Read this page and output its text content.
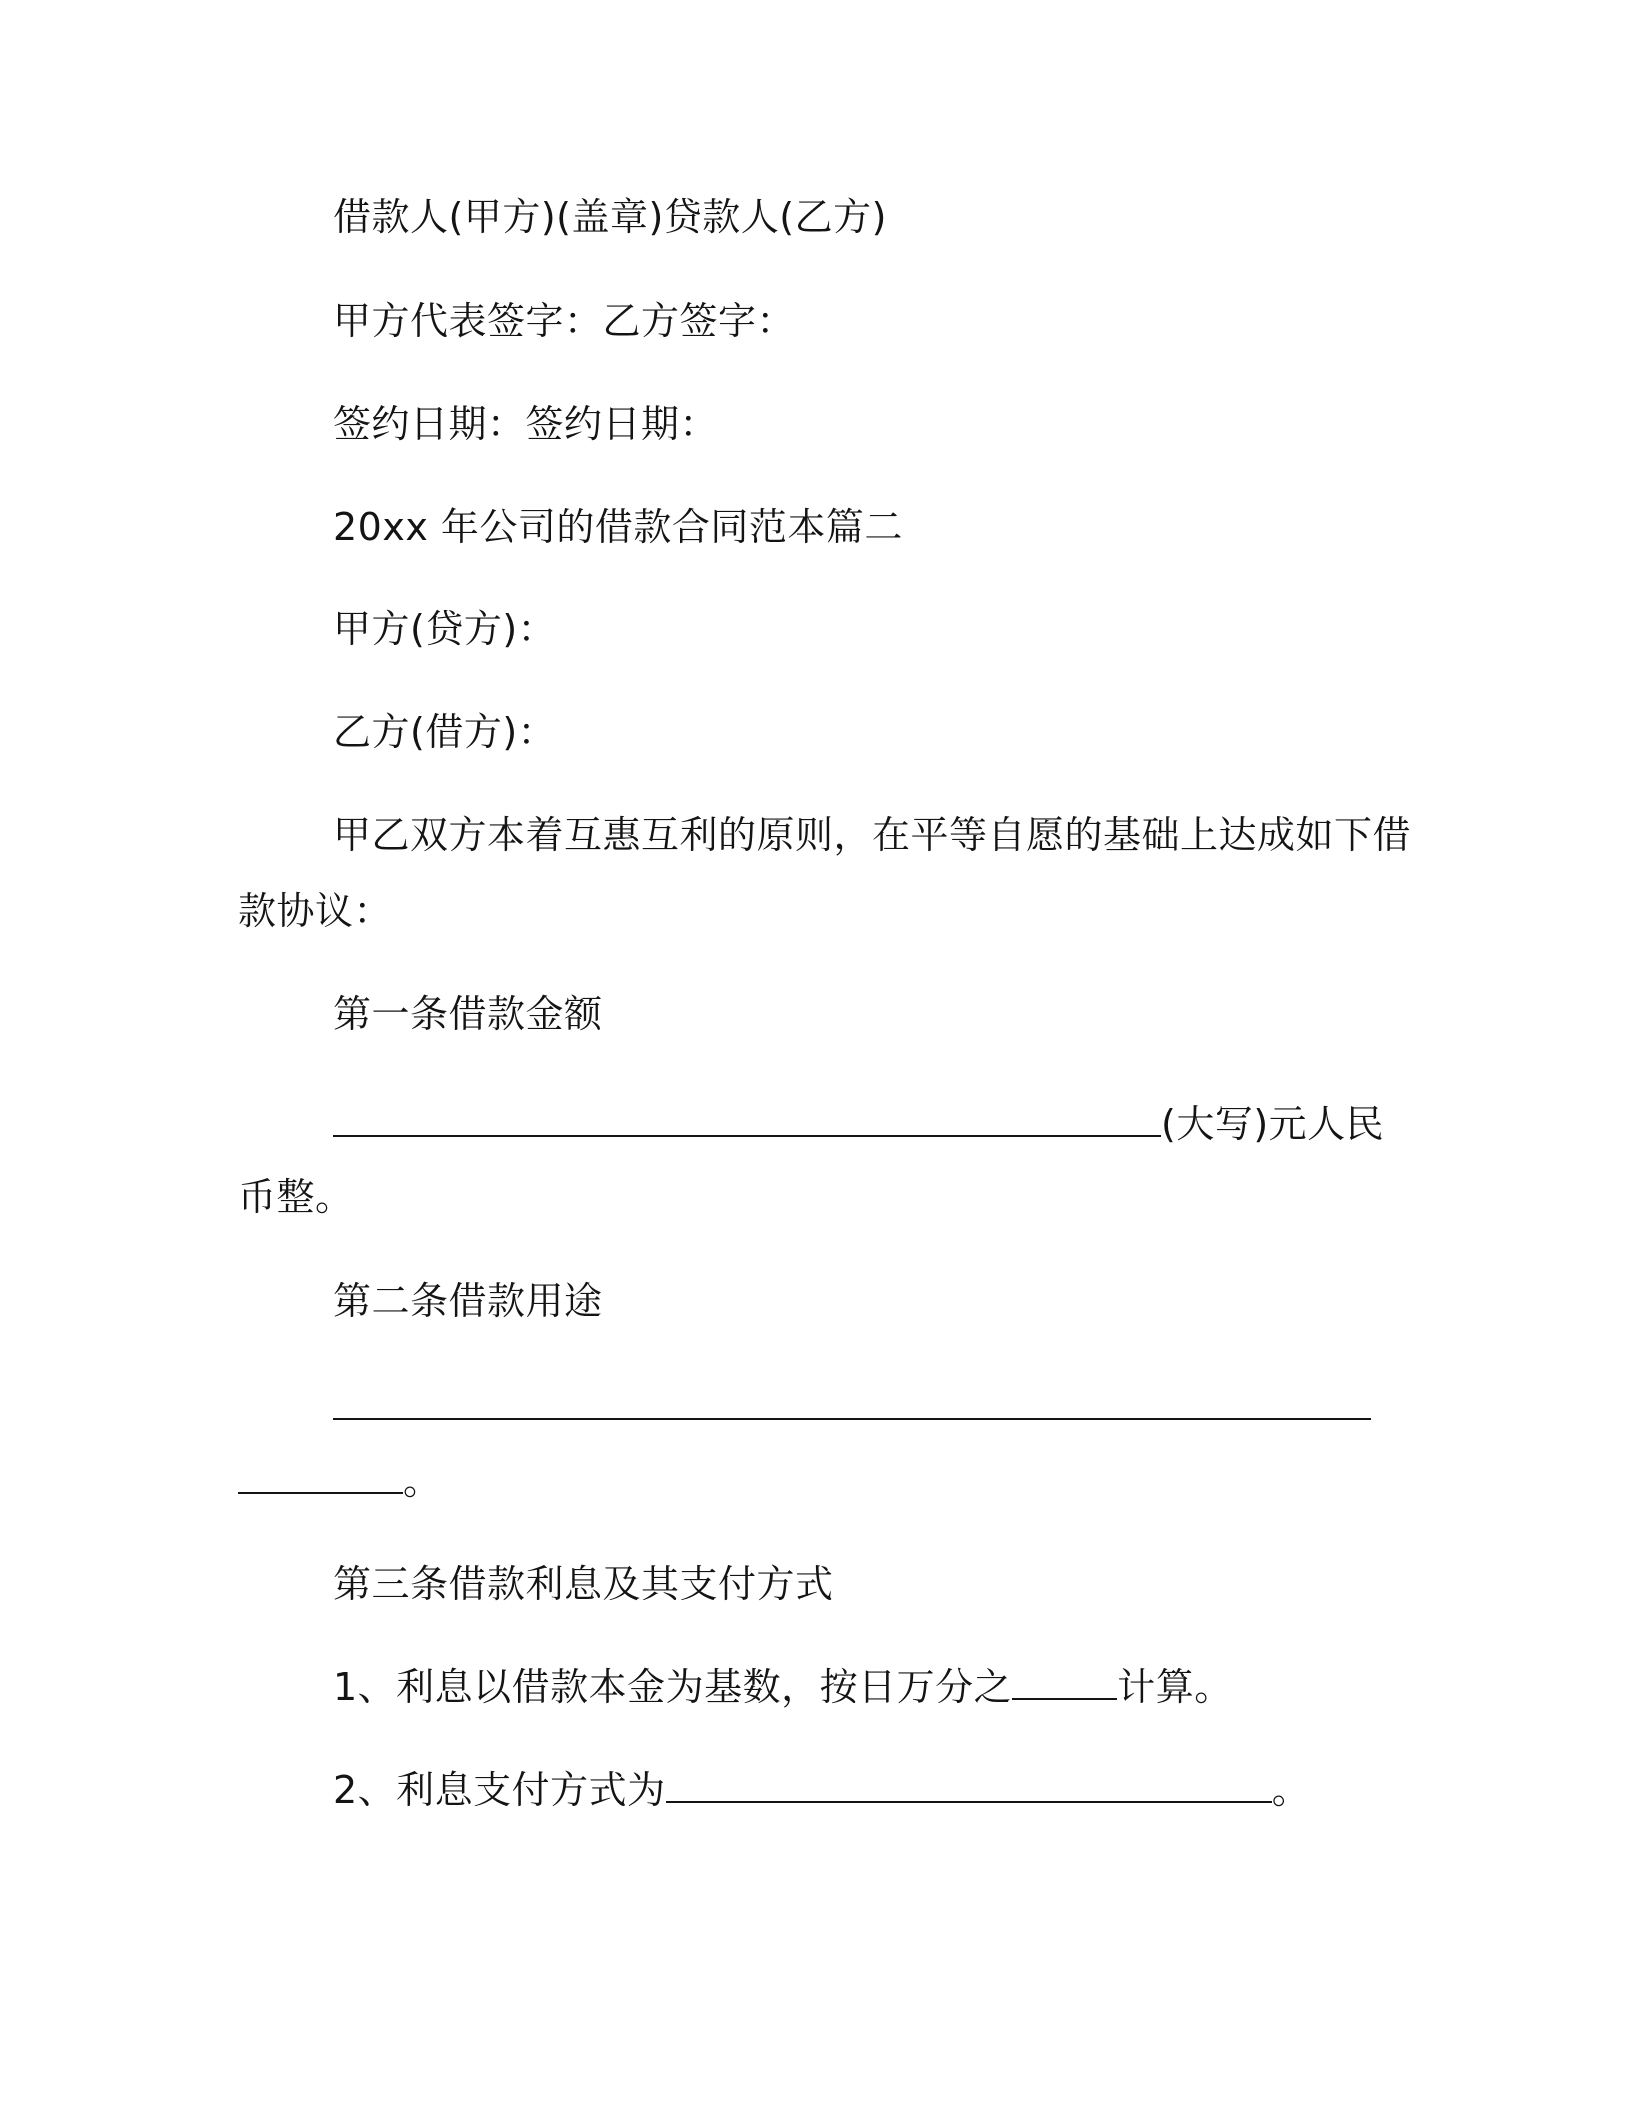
借款人(甲方)(盖章)贷款人(乙方)

甲方代表签字：乙方签字：

签约日期：签约日期：

20xx 年公司的借款合同范本篇二

甲方(贷方)：

乙方(借方)：

甲乙双方本着互惠互利的原则，在平等自愿的基础上达成如下借

款协议：

第一条借款金额

(大写)元人民

币整。

第二条借款用途

。

第三条借款利息及其支付方式

1、利息以借款本金为基数，按日万分之	计算。

2、利息支付方式为	。
